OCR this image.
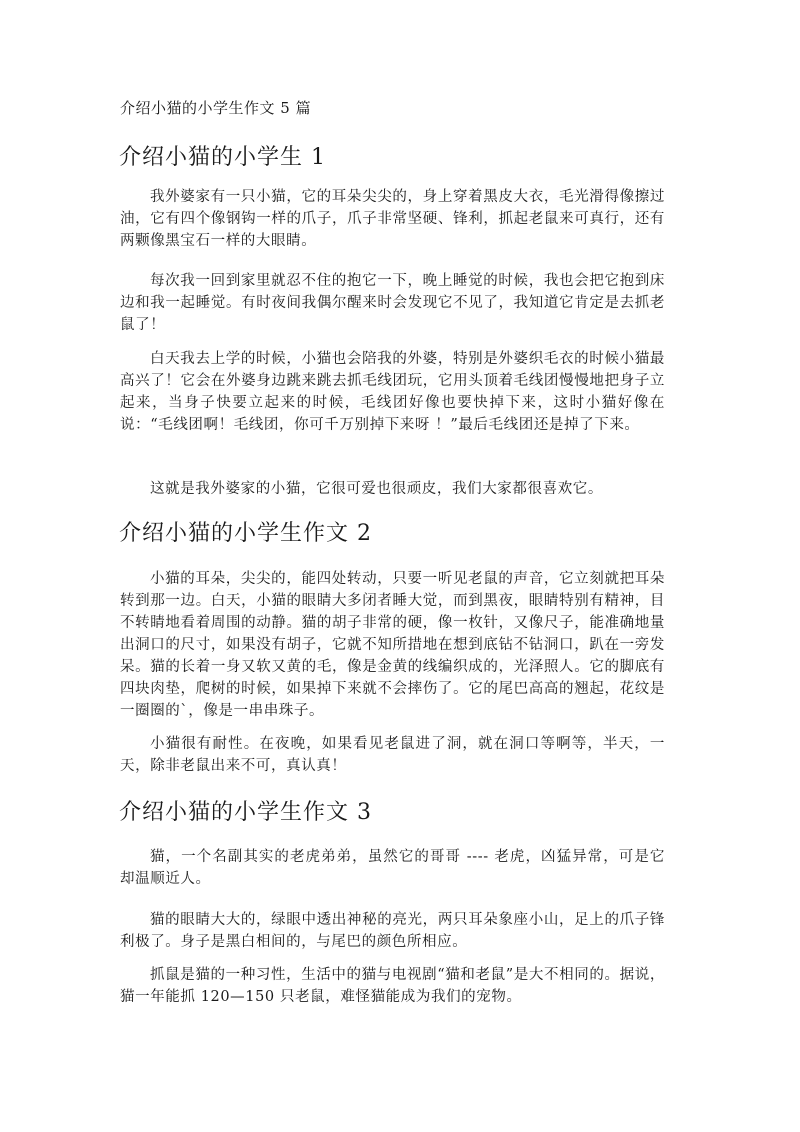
介绍小猫的小学生作文 5 篇
介绍小猫的小学生 1
我外婆家有一只小猫，它的耳朵尖尖的，身上穿着黑皮大衣，毛光滑得像擦过油，它有四个像钢钩一样的爪子，爪子非常坚硬、锋利，抓起老鼠来可真行，还有两颗像黑宝石一样的大眼睛。
每次我一回到家里就忍不住的抱它一下，晚上睡觉的时候，我也会把它抱到床边和我一起睡觉。有时夜间我偶尔醒来时会发现它不见了，我知道它肯定是去抓老鼠了！
白天我去上学的时候，小猫也会陪我的外婆，特别是外婆织毛衣的时候小猫最高兴了！它会在外婆身边跳来跳去抓毛线团玩，它用头顶着毛线团慢慢地把身子立起来，当身子快要立起来的时候，毛线团好像也要快掉下来，这时小猫好像在说：“毛线团啊！毛线团，你可千万别掉下来呀 ！”最后毛线团还是掉了下来。
这就是我外婆家的小猫，它很可爱也很顽皮，我们大家都很喜欢它。
介绍小猫的小学生作文 2
小猫的耳朵，尖尖的，能四处转动，只要一听见老鼠的声音，它立刻就把耳朵转到那一边。白天，小猫的眼睛大多闭者睡大觉，而到黑夜，眼睛特别有精神，目不转睛地看着周围的动静。猫的胡子非常的硬，像一枚针，又像尺子，能准确地量出洞口的尺寸，如果没有胡子，它就不知所措地在想到底钻不钻洞口，趴在一旁发呆。猫的长着一身又软又黄的毛，像是金黄的线编织成的，光泽照人。它的脚底有四块肉垫，爬树的时候，如果掉下来就不会摔伤了。它的尾巴高高的翘起，花纹是一圈圈的`，像是一串串珠子。
小猫很有耐性。在夜晚，如果看见老鼠进了洞，就在洞口等啊等，半天，一天，除非老鼠出来不可，真认真！
介绍小猫的小学生作文 3
猫，一个名副其实的老虎弟弟，虽然它的哥哥 ---- 老虎，凶猛异常，可是它却温顺近人。
猫的眼睛大大的，绿眼中透出神秘的亮光，两只耳朵象座小山，足上的爪子锋利极了。身子是黑白相间的，与尾巴的颜色所相应。
抓鼠是猫的一种习性，生活中的猫与电视剧“猫和老鼠”是大不相同的。据说，猫一年能抓 120—150 只老鼠，难怪猫能成为我们的宠物。
